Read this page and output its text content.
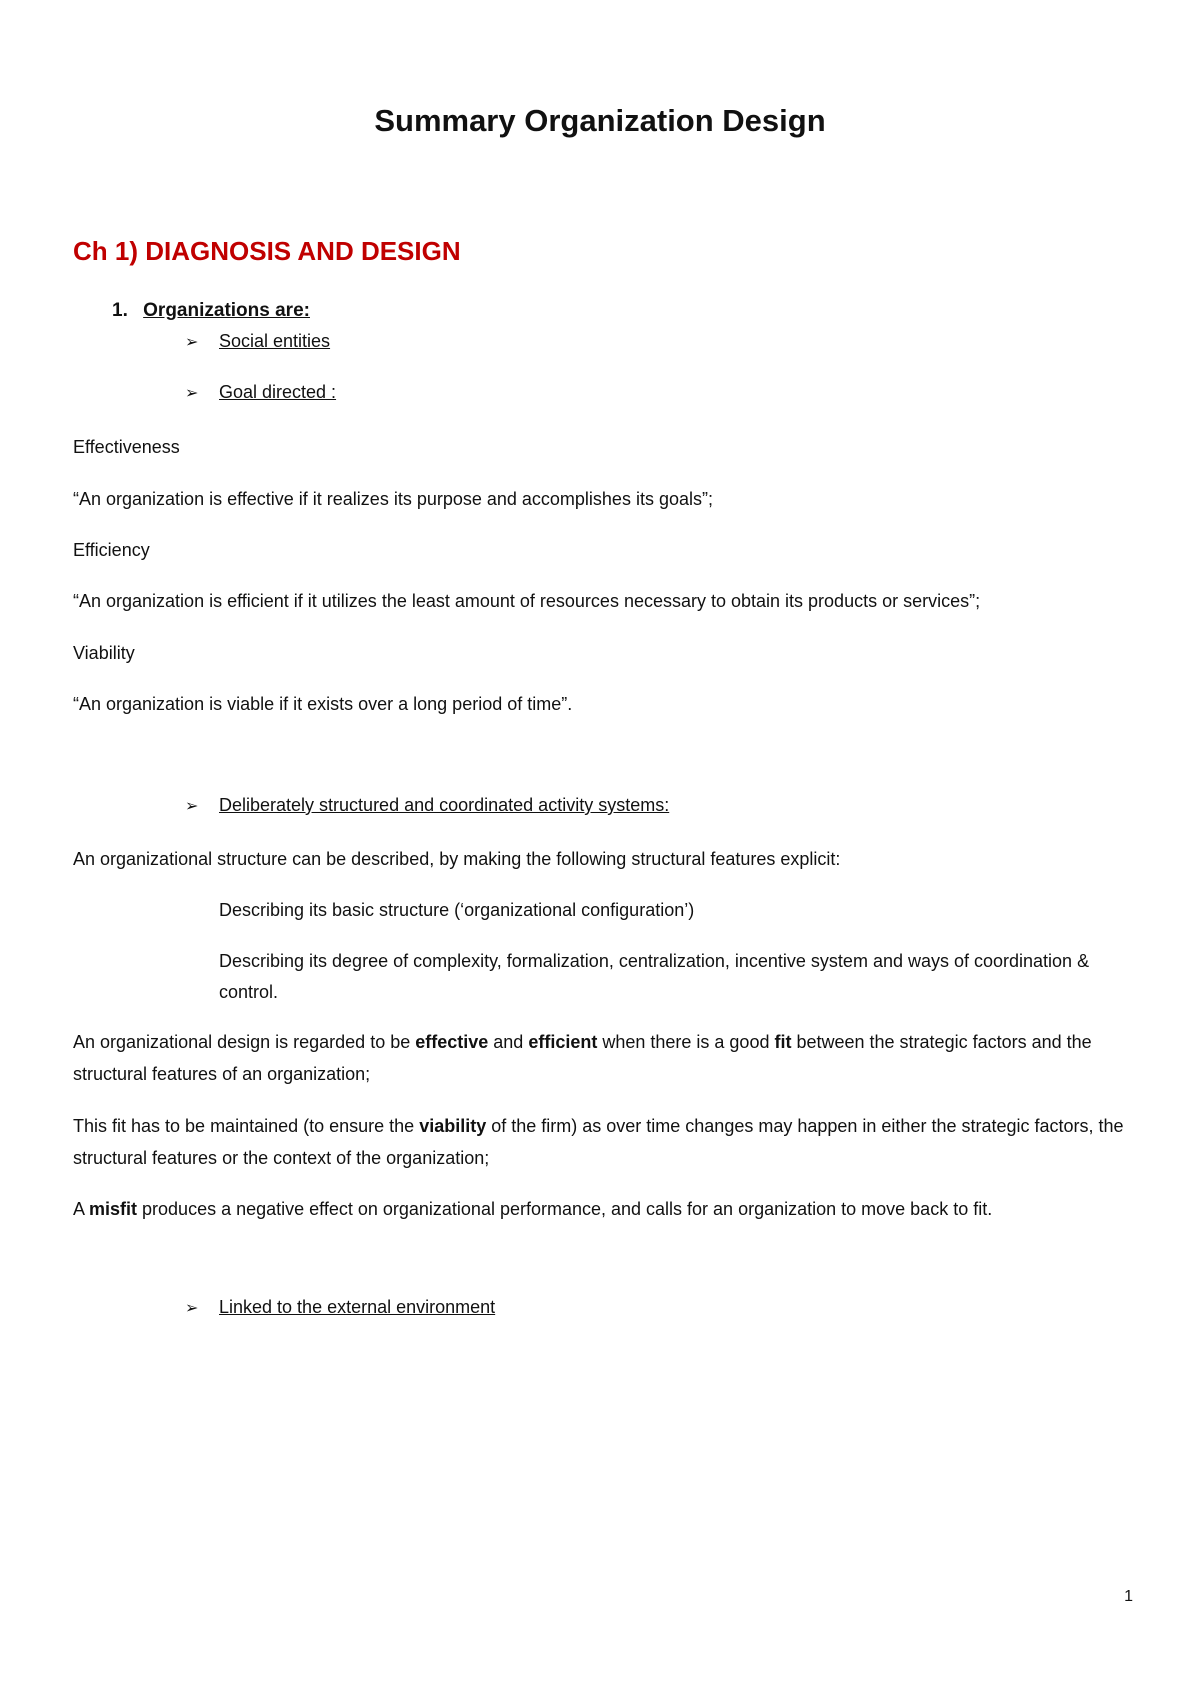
Summary Organization Design
Ch 1) DIAGNOSIS AND DESIGN
1. Organizations are:
➢ Social entities
➢ Goal directed :
Effectiveness
“An organization is effective if it realizes its purpose and accomplishes its goals”;
Efficiency
“An organization is efficient if it utilizes the least amount of resources necessary to obtain its products or services”;
Viability
“An organization is viable if it exists over a long period of time”.
➢ Deliberately structured and coordinated activity systems:
An organizational structure can be described, by making the following structural features explicit:
Describing its basic structure (‘organizational configuration’)
Describing its degree of complexity, formalization, centralization, incentive system and ways of coordination & control.
An organizational design is regarded to be effective and efficient when there is a good fit between the strategic factors and the structural features of an organization;
This fit has to be maintained (to ensure the viability of the firm) as over time changes may happen in either the strategic factors, the structural features or the context of the organization;
A misfit produces a negative effect on organizational performance, and calls for an organization to move back to fit.
➢ Linked to the external environment
1
